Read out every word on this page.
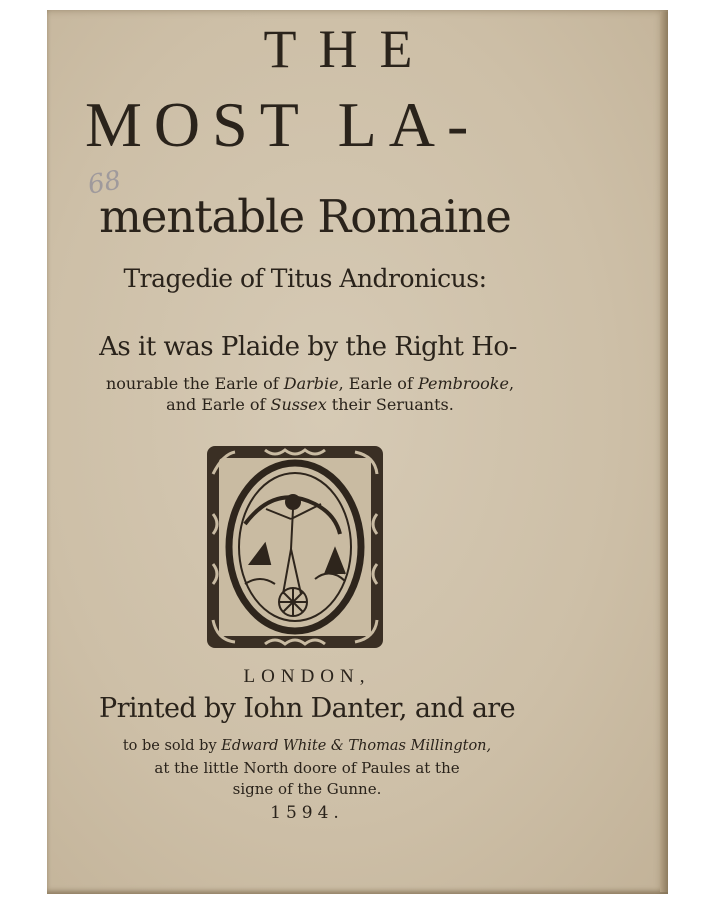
THE
MOST LA-
68
mentable Romaine
Tragedie of Titus Andronicus:
As it was Plaide by the Right Ho-
nourable the Earle of Darbie, Earle of Pembrooke,
and Earle of Sussex their Seruants.
LONDON,
Printed by Iohn Danter, and are
to be sold by Edward White & Thomas Millington,
at the little North doore of Paules at the
signe of the Gunne.
1594.
